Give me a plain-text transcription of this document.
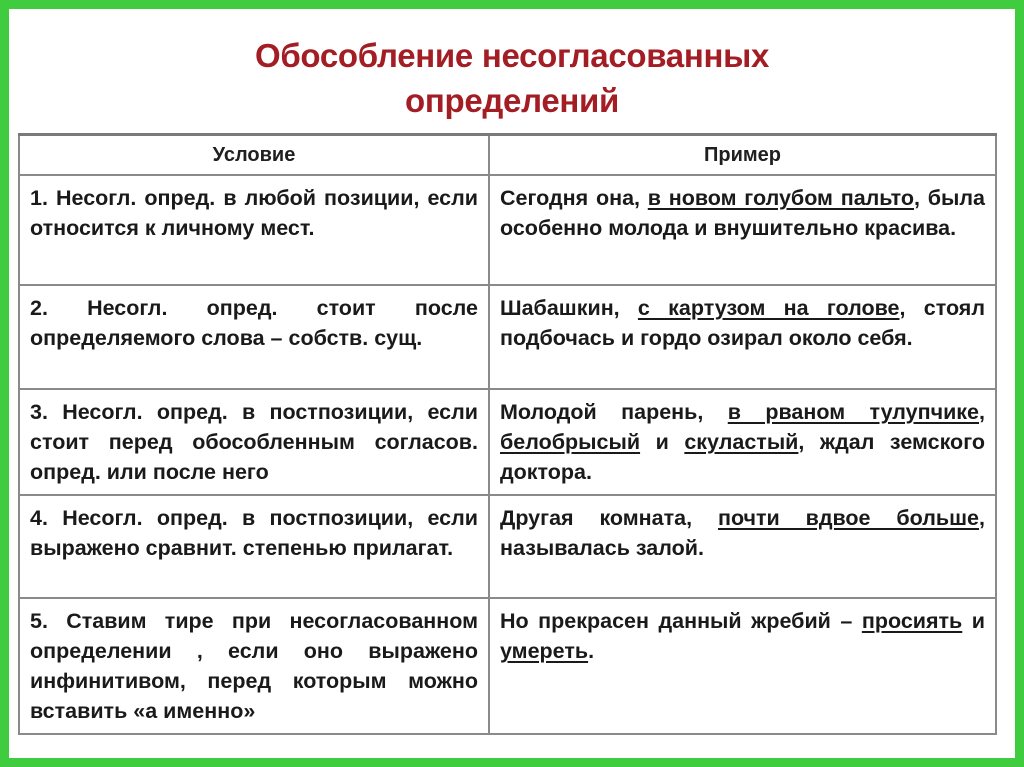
Обособление несогласованных
определений
Условие	Пример
1. Несогл. опред. в любой позиции, если относится к личному мест.	Сегодня она, в новом голубом пальто, была особенно молода и внушительно красива.
2. Несогл. опред. стоит после определяемого слова – собств. сущ.	Шабашкин, с картузом на голове, стоял подбочась и гордо озирал около себя.
3. Несогл. опред. в постпозиции, если стоит перед обособленным согласов. опред. или после него	Молодой парень, в рваном тулупчике, белобрысый и скуластый, ждал земского доктора.
4. Несогл. опред. в постпозиции, если выражено сравнит. степенью прилагат.	Другая комната, почти вдвое больше, называлась залой.
5. Ставим тире при несогласованном определении , если оно выражено инфинитивом, перед которым можно вставить «а именно»	Но прекрасен данный жребий – просиять и умереть.
